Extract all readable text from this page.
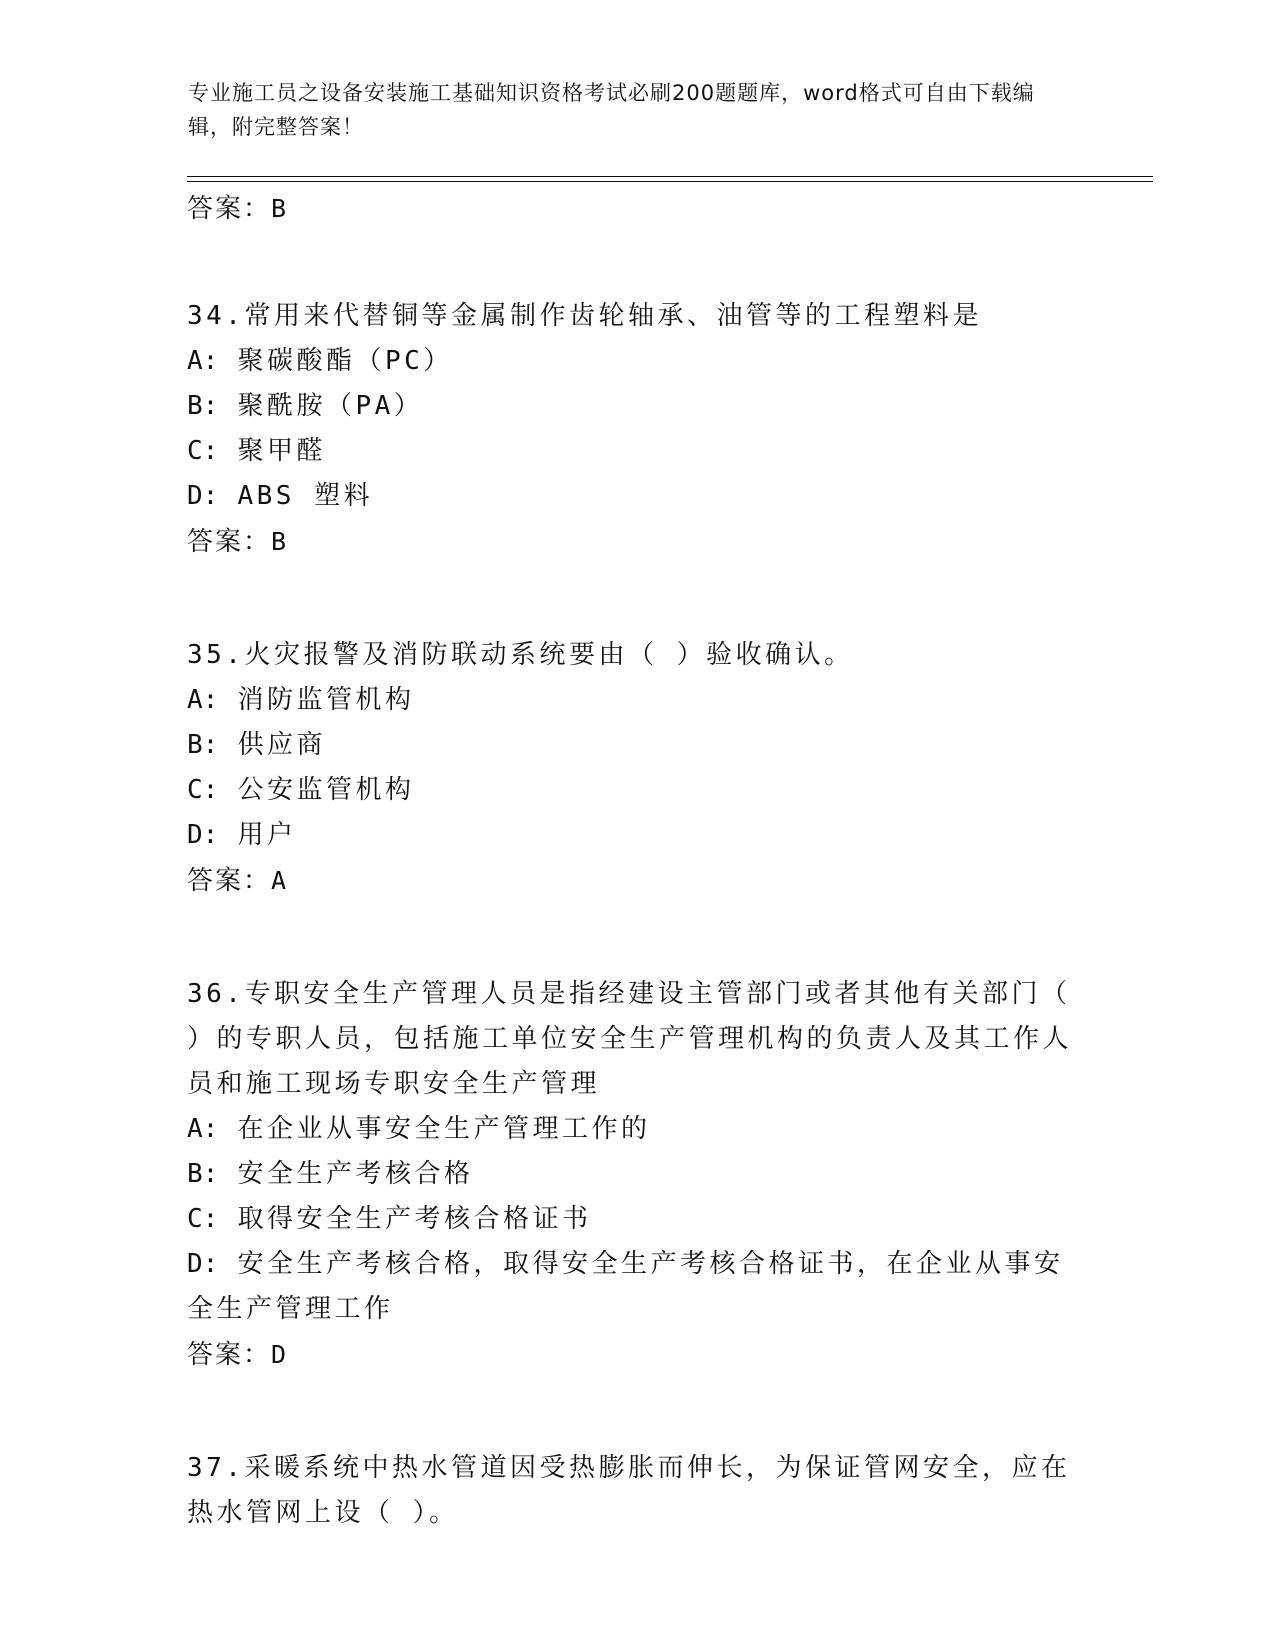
专业施工员之设备安装施工基础知识资格考试必刷200题题库，word格式可自由下载编辑，附完整答案！
答案：B
34.常用来代替铜等金属制作齿轮轴承、油管等的工程塑料是
A: 聚碳酸酯（PC）
B: 聚酰胺（PA）
C: 聚甲醛
D: ABS 塑料
答案：B
35.火灾报警及消防联动系统要由（ ）验收确认。
A: 消防监管机构
B: 供应商
C: 公安监管机构
D: 用户
答案：A
36.专职安全生产管理人员是指经建设主管部门或者其他有关部门（ ）的专职人员，包括施工单位安全生产管理机构的负责人及其工作人员和施工现场专职安全生产管理
A: 在企业从事安全生产管理工作的
B: 安全生产考核合格
C: 取得安全生产考核合格证书
D: 安全生产考核合格，取得安全生产考核合格证书，在企业从事安全生产管理工作
答案：D
37.采暖系统中热水管道因受热膨胀而伸长，为保证管网安全，应在热水管网上设（ ）。
